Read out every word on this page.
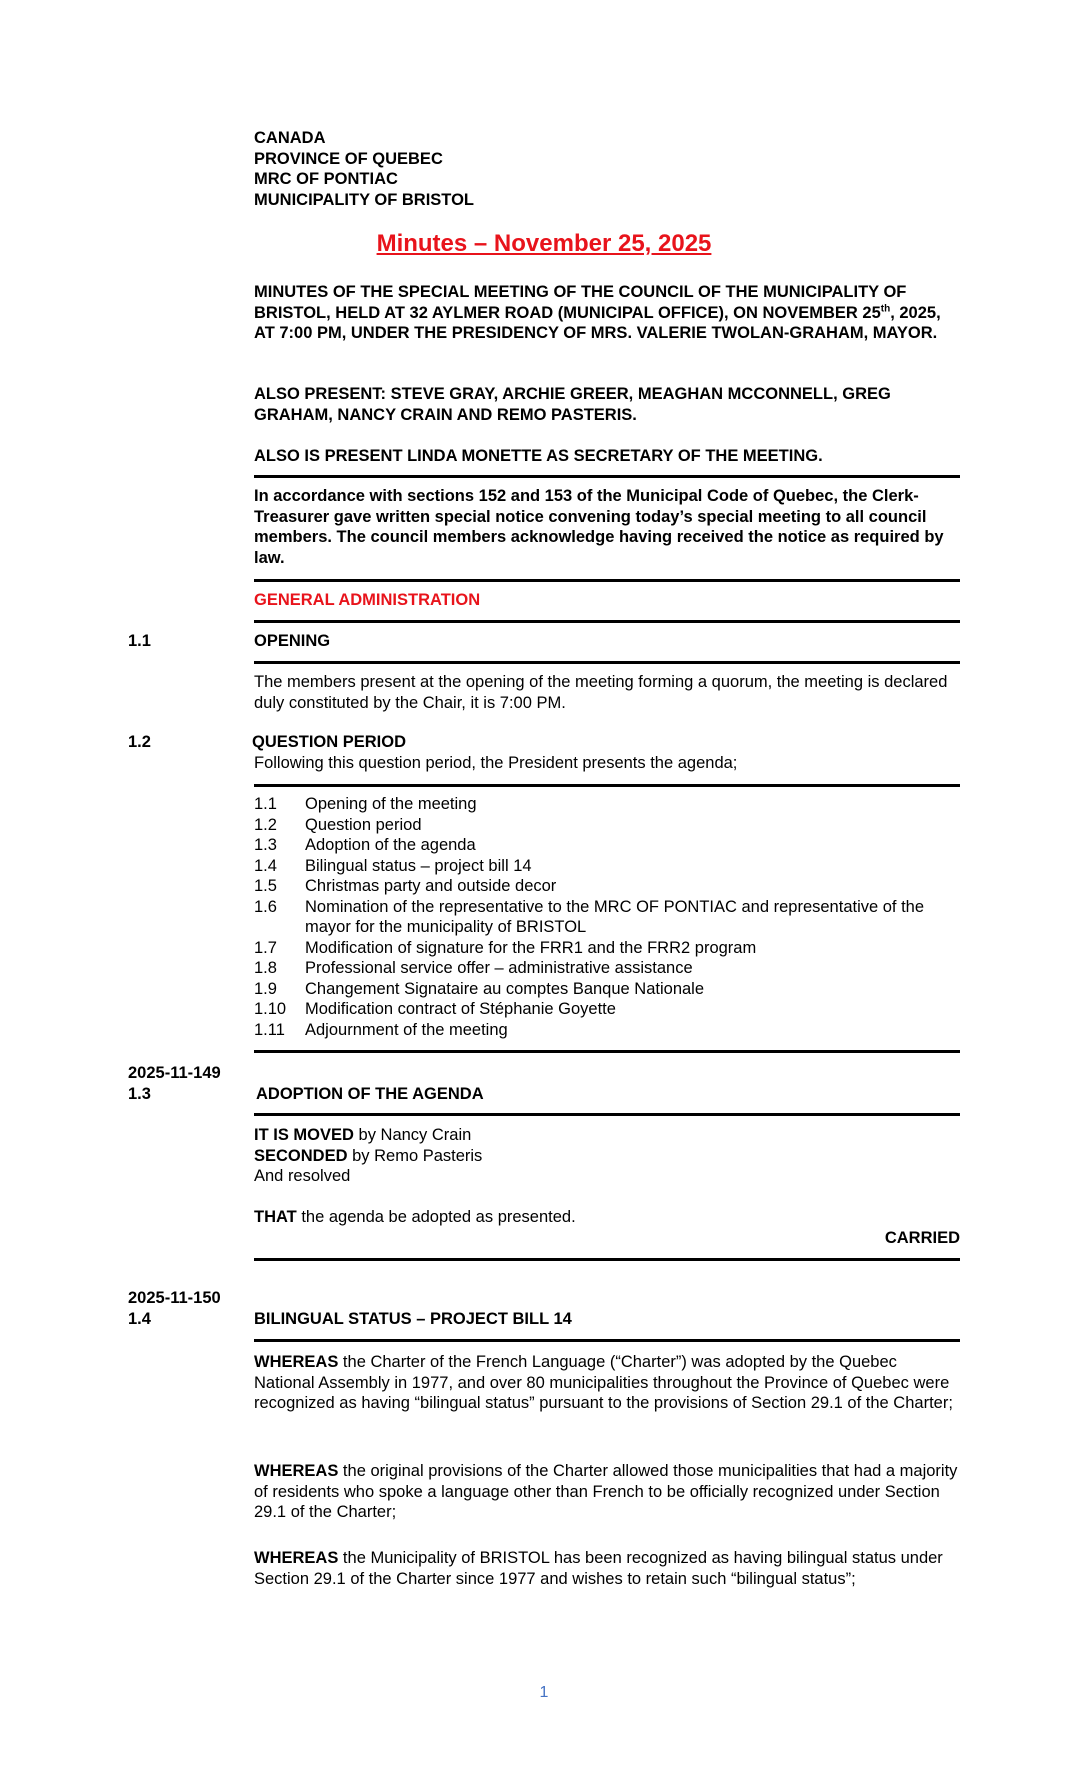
CANADA
PROVINCE OF QUEBEC
MRC OF PONTIAC
MUNICIPALITY OF BRISTOL
Minutes – November 25, 2025
MINUTES OF THE SPECIAL MEETING OF THE COUNCIL OF THE MUNICIPALITY OF BRISTOL, HELD AT 32 AYLMER ROAD (MUNICIPAL OFFICE), ON NOVEMBER 25th, 2025, AT 7:00 PM, UNDER THE PRESIDENCY OF MRS. VALERIE TWOLAN-GRAHAM, MAYOR.
ALSO PRESENT: STEVE GRAY, ARCHIE GREER, MEAGHAN MCCONNELL, GREG GRAHAM, NANCY CRAIN AND REMO PASTERIS.
ALSO IS PRESENT LINDA MONETTE AS SECRETARY OF THE MEETING.
In accordance with sections 152 and 153 of the Municipal Code of Quebec, the Clerk-Treasurer gave written special notice convening today’s special meeting to all council members. The council members acknowledge having received the notice as required by law.
GENERAL ADMINISTRATION
1.1	OPENING
The members present at the opening of the meeting forming a quorum, the meeting is declared duly constituted by the Chair, it is 7:00 PM.
1.2	QUESTION PERIOD
Following this question period, the President presents the agenda;
1.1	Opening of the meeting
1.2	Question period
1.3	Adoption of the agenda
1.4	Bilingual status – project bill 14
1.5	Christmas party and outside decor
1.6	Nomination of the representative to the MRC OF PONTIAC and representative of the mayor for the municipality of BRISTOL
1.7	Modification of signature for the FRR1 and the FRR2 program
1.8	Professional service offer – administrative assistance
1.9	Changement Signataire au comptes Banque Nationale
1.10	Modification contract of Stéphanie Goyette
1.11	Adjournment of the meeting
2025-11-149
1.3	ADOPTION OF THE AGENDA
IT IS MOVED by Nancy Crain
SECONDED by Remo Pasteris
And resolved
THAT the agenda be adopted as presented.
CARRIED
2025-11-150
1.4	BILINGUAL STATUS – PROJECT BILL 14
WHEREAS the Charter of the French Language (“Charter”) was adopted by the Quebec National Assembly in 1977, and over 80 municipalities throughout the Province of Quebec were recognized as having “bilingual status” pursuant to the provisions of Section 29.1 of the Charter;
WHEREAS the original provisions of the Charter allowed those municipalities that had a majority of residents who spoke a language other than French to be officially recognized under Section 29.1 of the Charter;
WHEREAS the Municipality of BRISTOL has been recognized as having bilingual status under Section 29.1 of the Charter since 1977 and wishes to retain such “bilingual status”;
1
